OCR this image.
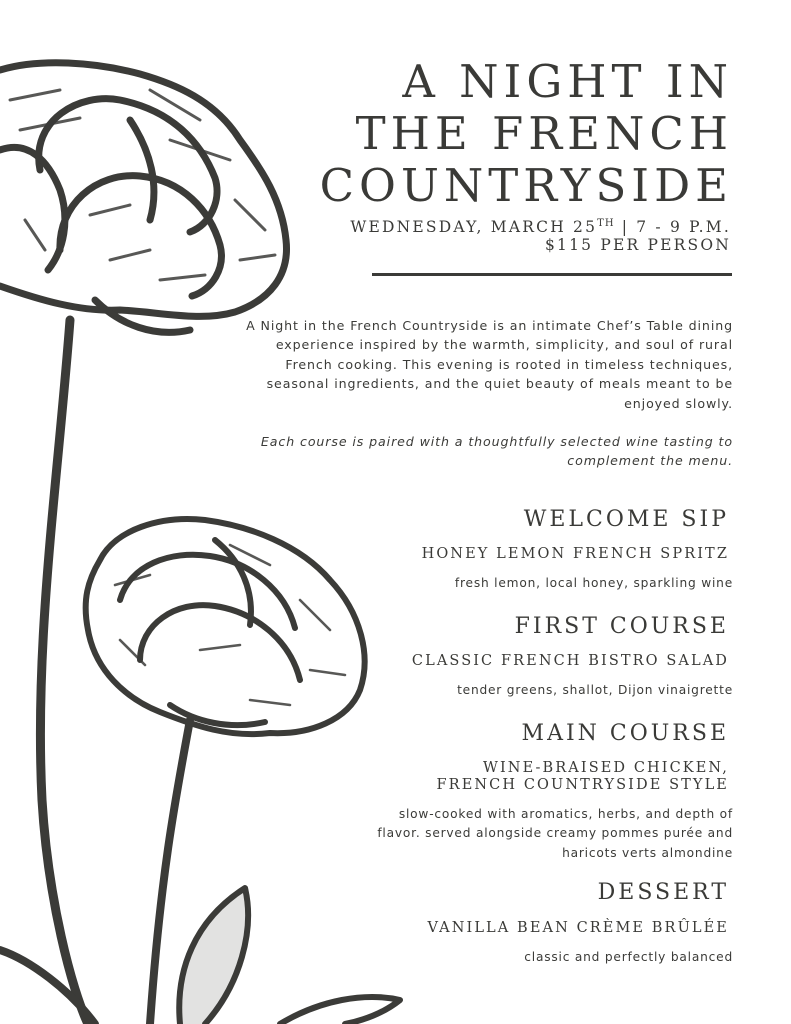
A NIGHT IN
THE FRENCH
COUNTRYSIDE
WEDNESDAY, MARCH 25TH | 7 - 9 P.M.
$115 PER PERSON

A Night in the French Countryside is an intimate Chef’s Table dining experience inspired by the warmth, simplicity, and soul of rural French cooking. This evening is rooted in timeless techniques, seasonal ingredients, and the quiet beauty of meals meant to be enjoyed slowly.

Each course is paired with a thoughtfully selected wine tasting to complement the menu.

WELCOME SIP
HONEY LEMON FRENCH SPRITZ
fresh lemon, local honey, sparkling wine
FIRST COURSE
CLASSIC FRENCH BISTRO SALAD
tender greens, shallot, Dijon vinaigrette
MAIN COURSE
WINE-BRAISED CHICKEN,
FRENCH COUNTRYSIDE STYLE
slow-cooked with aromatics, herbs, and depth of flavor. served alongside creamy pommes purée and haricots verts almondine
DESSERT
VANILLA BEAN CRÈME BRÛLÉE
classic and perfectly balanced
